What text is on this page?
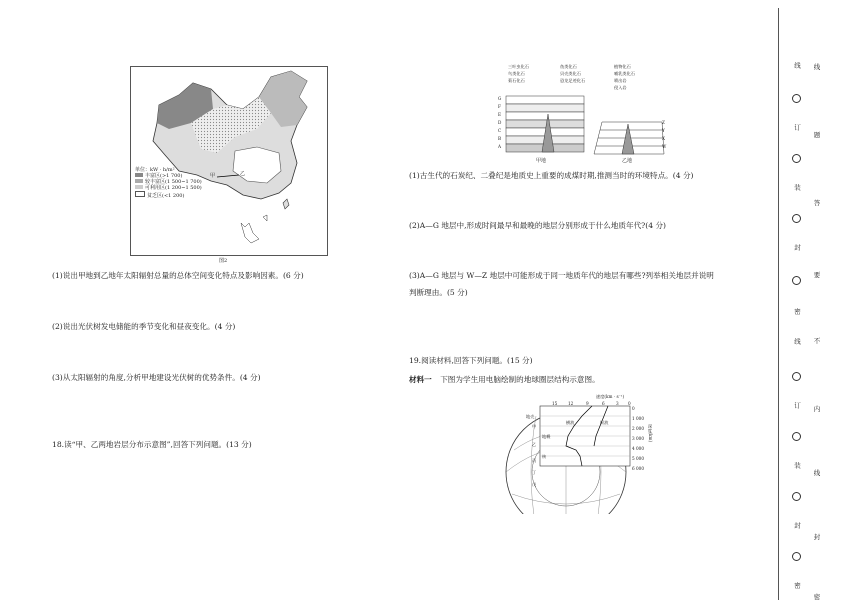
单位：kW · h/m²
丰富区(>1 700)
较丰富区(1 500~1 700)
可利用区(1 200~1 500)
贫乏区(<1 200)
甲	乙
图2
(1)说出甲地到乙地年太阳辐射总量的总体空间变化特点及影响因素。(6 分)
(2)说出光伏树发电储能的季节变化和昼夜变化。(4 分)
(3)从太阳辐射的角度,分析甲地建设光伏树的优势条件。(4 分)
18.读“甲、乙两地岩层分布示意图”,回答下列问题。(13 分)
三叶虫化石	鱼类化石	植物化石
鸟类化石	贝壳类化石	哺乳类化石
菊石化石	恐龙足迹化石	喷出岩
侵入岩
G
F
E
D
C
B
A
Z
Y
X
W
甲地	乙地
(1)古生代的石炭纪、二叠纪是地质史上重要的成煤时期,推测当时的环境特点。(4 分)
(2)A—G 地层中,形成时间最早和最晚的地层分别形成于什么地质年代?(4 分)
(3)A—G 地层与 W—Z 地层中可能形成于同一地质年代的地层有哪些?列举相关地层并说明
判断理由。(5 分)
19.阅读材料,回答下列问题。(15 分)
材料一 下图为学生用电脑绘制的地球圈层结构示意图。
速度(km · s⁻¹)
15	12	9	6	3 0
0
1 000
2 000
3 000
4 000
5 000
6 000
深度(km)
地壳
地幔
核
横波	纵波
甲
乙
丙
丁
戊
线
订
装
封
密
线
订
装
封
密
线
题
答
要
不
内
线
封
密
